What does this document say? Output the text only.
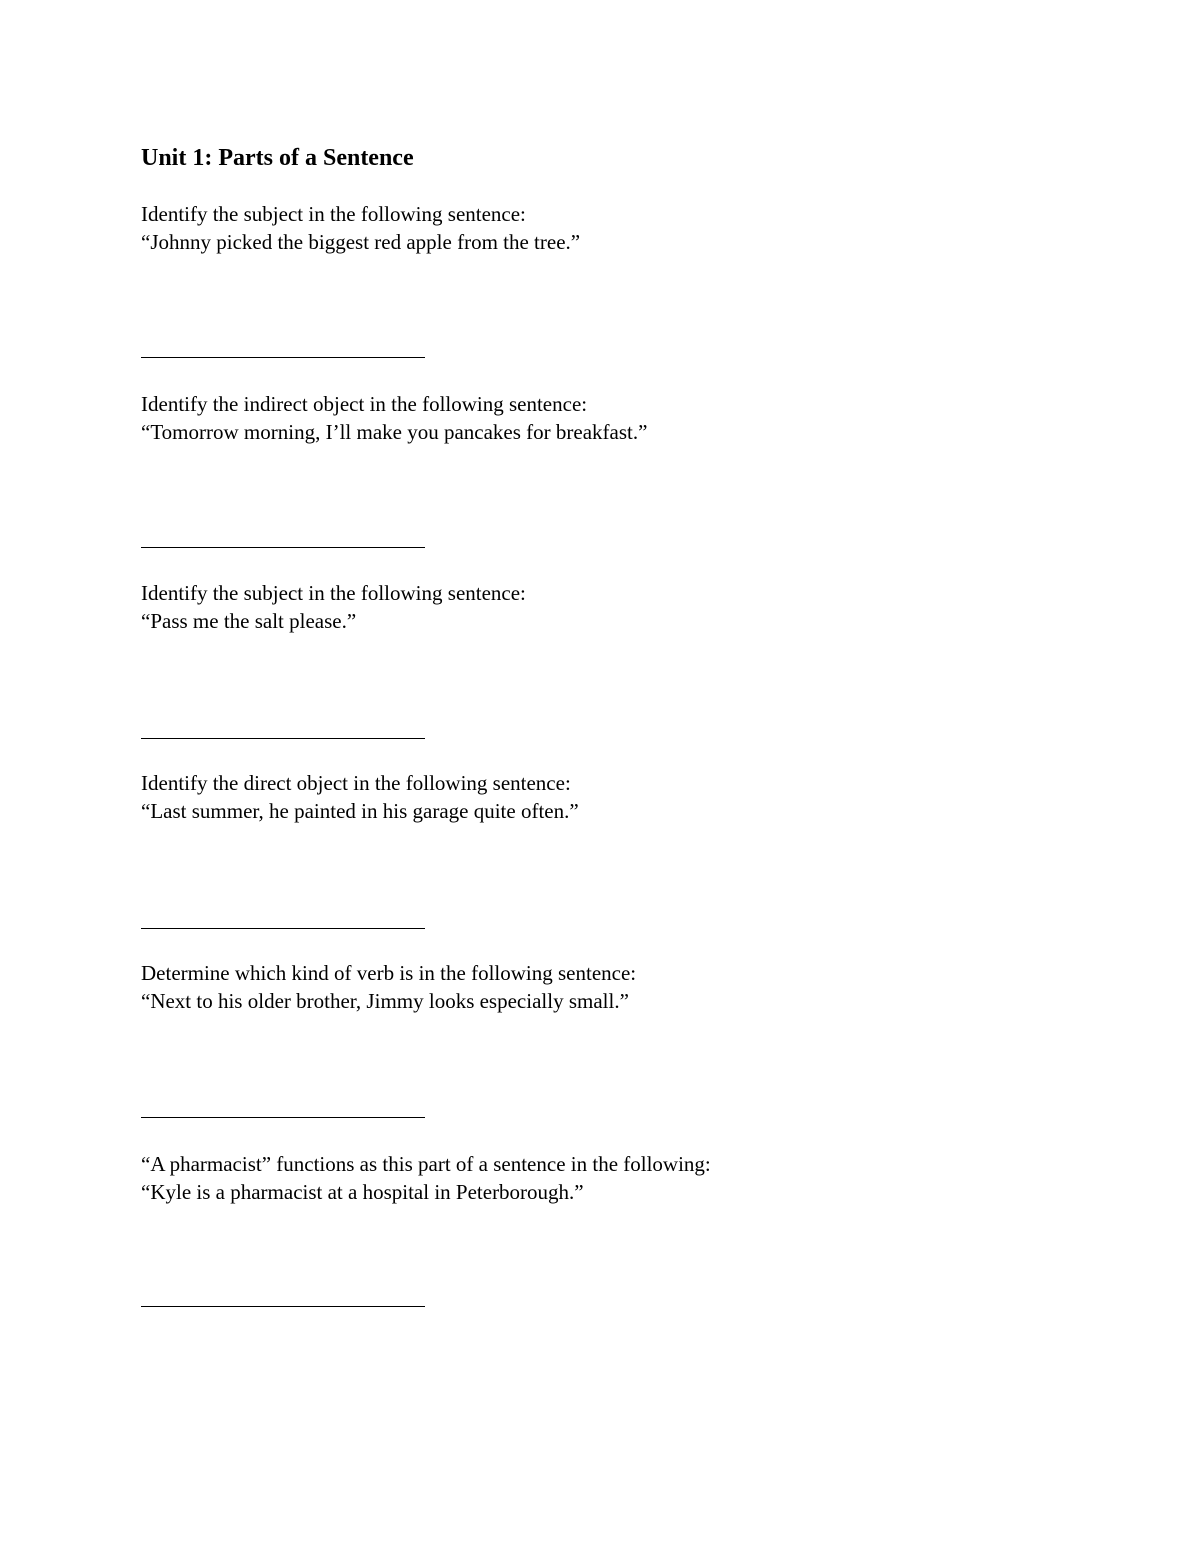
Unit 1: Parts of a Sentence
Identify the subject in the following sentence:
“Johnny picked the biggest red apple from the tree.”
Identify the indirect object in the following sentence:
“Tomorrow morning, I’ll make you pancakes for breakfast.”
Identify the subject in the following sentence:
“Pass me the salt please.”
Identify the direct object in the following sentence:
“Last summer, he painted in his garage quite often.”
Determine which kind of verb is in the following sentence:
“Next to his older brother, Jimmy looks especially small.”
“A pharmacist” functions as this part of a sentence in the following:
“Kyle is a pharmacist at a hospital in Peterborough.”
